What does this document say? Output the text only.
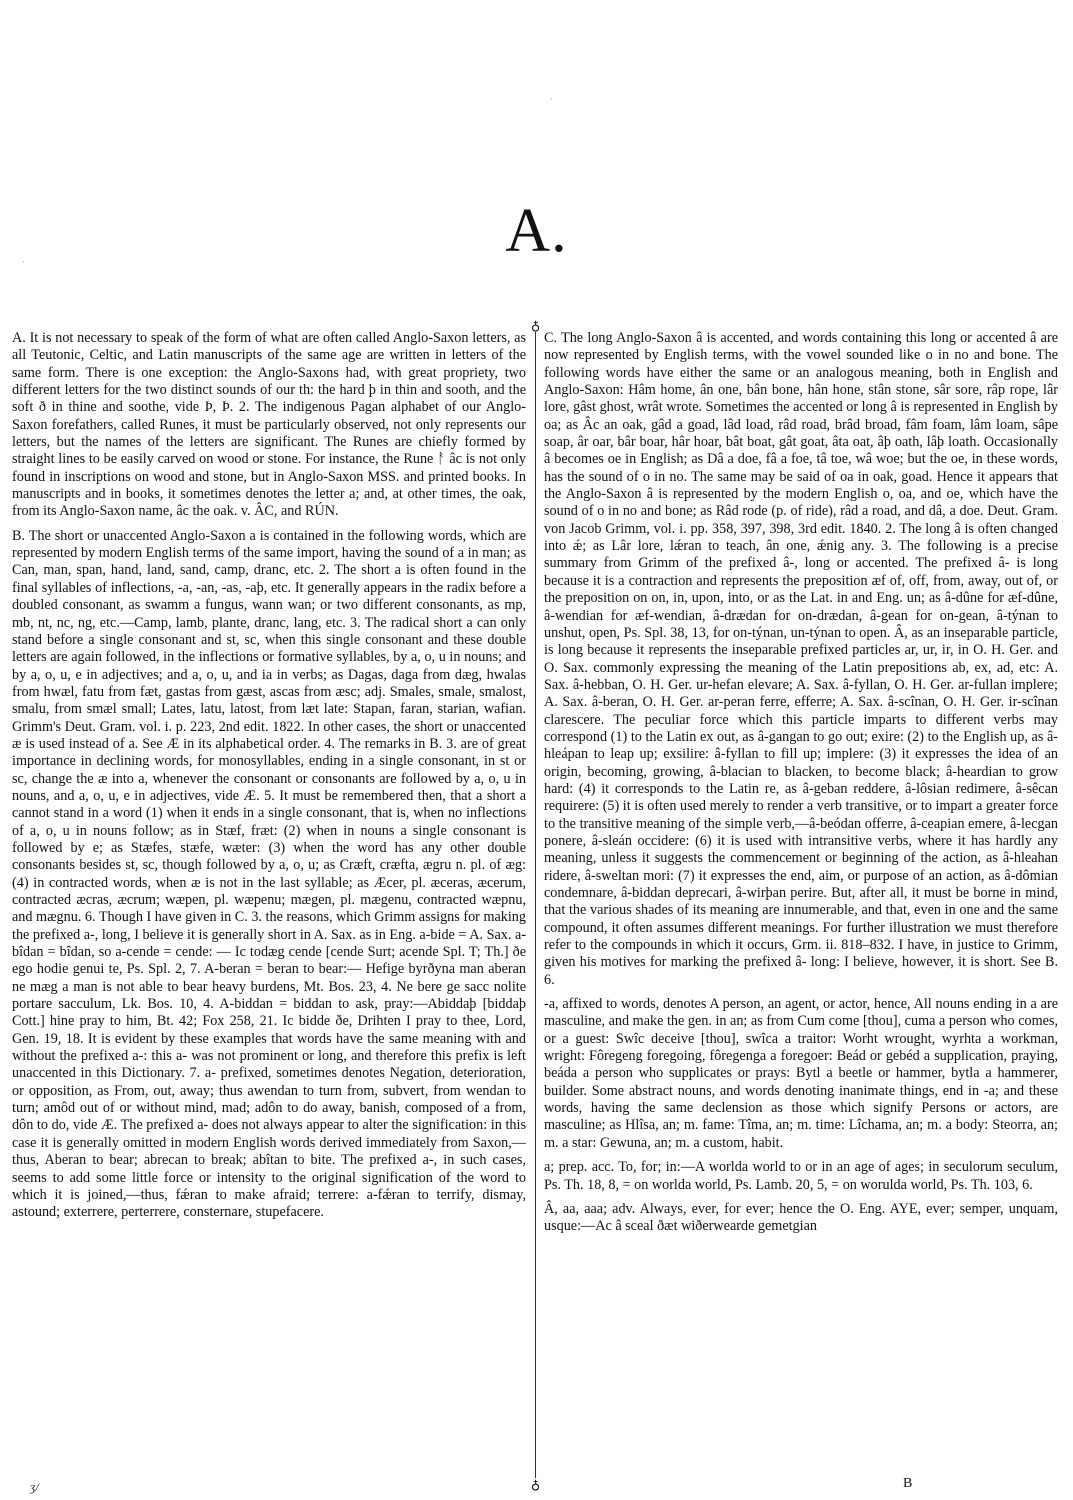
A.
♁
♁

A. It is not necessary to speak of the form of what are often called Anglo-Saxon letters, as all Teutonic, Celtic, and Latin manuscripts of the same age are written in letters of the same form. There is one exception: the Anglo-Saxons had, with great propriety, two different letters for the two distinct sounds of our th: the hard þ in thin and sooth, and the soft ð in thine and soothe, vide Þ, Þ. 2. The indigenous Pagan alphabet of our Anglo-Saxon forefathers, called Runes, it must be particularly observed, not only represents our letters, but the names of the letters are significant. The Runes are chiefly formed by straight lines to be easily carved on wood or stone. For instance, the Rune ᚨ âc is not only found in inscriptions on wood and stone, but in Anglo-Saxon MSS. and printed books. In manuscripts and in books, it sometimes denotes the letter a; and, at other times, the oak, from its Anglo-Saxon name, âc the oak. v. ÂC, and RÚN.

B. The short or unaccented Anglo-Saxon a is contained in the following words, which are represented by modern English terms of the same import, having the sound of a in man; as Can, man, span, hand, land, sand, camp, dranc, etc. 2. The short a is often found in the final syllables of inflections, -a, -an, -as, -aþ, etc. It generally appears in the radix before a doubled consonant, as swamm a fungus, wann wan; or two different consonants, as mp, mb, nt, nc, ng, etc.—Camp, lamb, plante, dranc, lang, etc. 3. The radical short a can only stand before a single consonant and st, sc, when this single consonant and these double letters are again followed, in the inflections or formative syllables, by a, o, u in nouns; and by a, o, u, e in adjectives; and a, o, u, and ia in verbs; as Dagas, daga from dæg, hwalas from hwæl, fatu from fæt, gastas from gæst, ascas from æsc; adj. Smales, smale, smalost, smalu, from smæl small; Lates, latu, latost, from læt late: Stapan, faran, starian, wafian. Grimm's Deut. Gram. vol. i. p. 223, 2nd edit. 1822. In other cases, the short or unaccented æ is used instead of a. See Æ in its alphabetical order. 4. The remarks in B. 3. are of great importance in declining words, for monosyllables, ending in a single consonant, in st or sc, change the æ into a, whenever the consonant or consonants are followed by a, o, u in nouns, and a, o, u, e in adjectives, vide Æ. 5. It must be remembered then, that a short a cannot stand in a word (1) when it ends in a single consonant, that is, when no inflections of a, o, u in nouns follow; as in Stæf, fræt: (2) when in nouns a single consonant is followed by e; as Stæfes, stæfe, wæter: (3) when the word has any other double consonants besides st, sc, though followed by a, o, u; as Cræft, cræfta, ægru n. pl. of æg: (4) in contracted words, when æ is not in the last syllable; as Æcer, pl. æceras, æcerum, contracted æcras, æcrum; wæpen, pl. wæpenu; mægen, pl. mægenu, contracted wæpnu, and mægnu. 6. Though I have given in C. 3. the reasons, which Grimm assigns for making the prefixed a-, long, I believe it is generally short in A. Sax. as in Eng. a-bide = A. Sax. a-bîdan = bîdan, so a-cende = cende: — Ic todæg cende [cende Surt; acende Spl. T; Th.] ðe ego hodie genui te, Ps. Spl. 2, 7. A-beran = beran to bear:— Hefige byrðyna man aberan ne mæg a man is not able to bear heavy burdens, Mt. Bos. 23, 4. Ne bere ge sacc nolite portare sacculum, Lk. Bos. 10, 4. A-biddan = biddan to ask, pray:—Abiddaþ [biddaþ Cott.] hine pray to him, Bt. 42; Fox 258, 21. Ic bidde ðe, Drihten I pray to thee, Lord, Gen. 19, 18. It is evident by these examples that words have the same meaning with and without the prefixed a-: this a- was not prominent or long, and therefore this prefix is left unaccented in this Dictionary. 7. a- prefixed, sometimes denotes Negation, deterioration, or opposition, as From, out, away; thus awendan to turn from, subvert, from wendan to turn; amôd out of or without mind, mad; adôn to do away, banish, composed of a from, dôn to do, vide Æ. The prefixed a- does not always appear to alter the signification: in this case it is generally omitted in modern English words derived immediately from Saxon,—thus, Aberan to bear; abrecan to break; abîtan to bite. The prefixed a-, in such cases, seems to add some little force or intensity to the original signification of the word to which it is joined,—thus, fǽran to make afraid; terrere: a-fǽran to terrify, dismay, astound; exterrere, perterrere, consternare, stupefacere.

C. The long Anglo-Saxon â is accented, and words containing this long or accented â are now represented by English terms, with the vowel sounded like o in no and bone. The following words have either the same or an analogous meaning, both in English and Anglo-Saxon: Hâm home, ân one, bân bone, hân hone, stân stone, sâr sore, râp rope, lâr lore, gâst ghost, wrât wrote. Sometimes the accented or long â is represented in English by oa; as Âc an oak, gâd a goad, lâd load, râd road, brâd broad, fâm foam, lâm loam, sâpe soap, âr oar, bâr boar, hâr hoar, bât boat, gât goat, âta oat, âþ oath, lâþ loath. Occasionally â becomes oe in English; as Dâ a doe, fâ a foe, tâ toe, wâ woe; but the oe, in these words, has the sound of o in no. The same may be said of oa in oak, goad. Hence it appears that the Anglo-Saxon â is represented by the modern English o, oa, and oe, which have the sound of o in no and bone; as Râd rode (p. of ride), râd a road, and dâ, a doe. Deut. Gram. von Jacob Grimm, vol. i. pp. 358, 397, 398, 3rd edit. 1840. 2. The long â is often changed into ǽ; as Lâr lore, lǽran to teach, ân one, ǽnig any. 3. The following is a precise summary from Grimm of the prefixed â-, long or accented. The prefixed â- is long because it is a contraction and represents the preposition æf of, off, from, away, out of, or the preposition on on, in, upon, into, or as the Lat. in and Eng. un; as â-dûne for æf-dûne, â-wendian for æf-wendian, â-drædan for on-drædan, â-gean for on-gean, â-týnan to unshut, open, Ps. Spl. 38, 13, for on-týnan, un-týnan to open. Â, as an inseparable particle, is long because it represents the inseparable prefixed particles ar, ur, ir, in O. H. Ger. and O. Sax. commonly expressing the meaning of the Latin prepositions ab, ex, ad, etc: A. Sax. â-hebban, O. H. Ger. ur-hefan elevare; A. Sax. â-fyllan, O. H. Ger. ar-fullan implere; A. Sax. â-beran, O. H. Ger. ar-peran ferre, efferre; A. Sax. â-scînan, O. H. Ger. ir-scînan clarescere. The peculiar force which this particle imparts to different verbs may correspond (1) to the Latin ex out, as â-gangan to go out; exire: (2) to the English up, as â-hleápan to leap up; exsilire: â-fyllan to fill up; implere: (3) it expresses the idea of an origin, becoming, growing, â-blacian to blacken, to become black; â-heardian to grow hard: (4) it corresponds to the Latin re, as â-geban reddere, â-lôsian redimere, â-sêcan requirere: (5) it is often used merely to render a verb transitive, or to impart a greater force to the transitive meaning of the simple verb,—â-beódan offerre, â-ceapian emere, â-lecgan ponere, â-sleán occidere: (6) it is used with intransitive verbs, where it has hardly any meaning, unless it suggests the commencement or beginning of the action, as â-hleahan ridere, â-sweltan mori: (7) it expresses the end, aim, or purpose of an action, as â-dômian condemnare, â-biddan deprecari, â-wirþan perire. But, after all, it must be borne in mind, that the various shades of its meaning are innumerable, and that, even in one and the same compound, it often assumes different meanings. For further illustration we must therefore refer to the compounds in which it occurs, Grm. ii. 818–832. I have, in justice to Grimm, given his motives for marking the prefixed â- long: I believe, however, it is short. See B. 6.

-a, affixed to words, denotes A person, an agent, or actor, hence, All nouns ending in a are masculine, and make the gen. in an; as from Cum come [thou], cuma a person who comes, or a guest: Swîc deceive [thou], swîca a traitor: Worht wrought, wyrhta a workman, wright: Fôregeng foregoing, fôregenga a foregoer: Beád or gebéd a supplication, praying, beáda a person who supplicates or prays: Bytl a beetle or hammer, bytla a hammerer, builder. Some abstract nouns, and words denoting inanimate things, end in -a; and these words, having the same declension as those which signify Persons or actors, are masculine; as Hlîsa, an; m. fame: Tîma, an; m. time: Lîchama, an; m. a body: Steorra, an; m. a star: Gewuna, an; m. a custom, habit.

a; prep. acc. To, for; in:—A worlda world to or in an age of ages; in seculorum seculum, Ps. Th. 18, 8, = on worlda world, Ps. Lamb. 20, 5, = on worulda world, Ps. Th. 103, 6.

Â, aa, aaa; adv. Always, ever, for ever; hence the O. Eng. AYE, ever; semper, unquam, usque:—Ac â sceal ðæt wiðerwearde gemetgian

ʒ/	B
·
·
